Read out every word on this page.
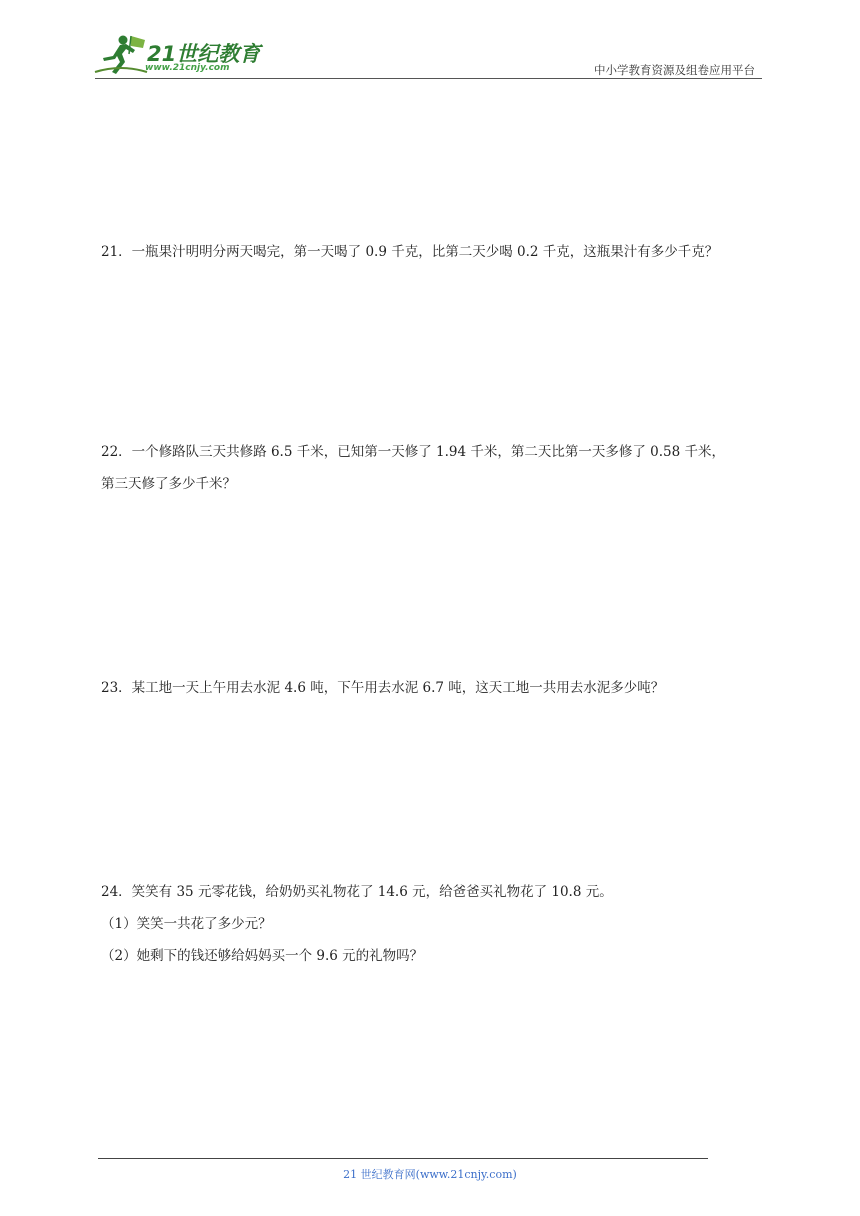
21世纪教育
www.21cnjy.com	中小学教育资源及组卷应用平台
21．一瓶果汁明明分两天喝完，第一天喝了 0.9 千克，比第二天少喝 0.2 千克，这瓶果汁有多少千克？
22．一个修路队三天共修路 6.5 千米，已知第一天修了 1.94 千米，第二天比第一天多修了 0.58 千米，
第三天修了多少千米？
23．某工地一天上午用去水泥 4.6 吨，下午用去水泥 6.7 吨，这天工地一共用去水泥多少吨？
24．笑笑有 35 元零花钱，给奶奶买礼物花了 14.6 元，给爸爸买礼物花了 10.8 元。
（1）笑笑一共花了多少元？
（2）她剩下的钱还够给妈妈买一个 9.6 元的礼物吗？
21 世纪教育网(www.21cnjy.com)
